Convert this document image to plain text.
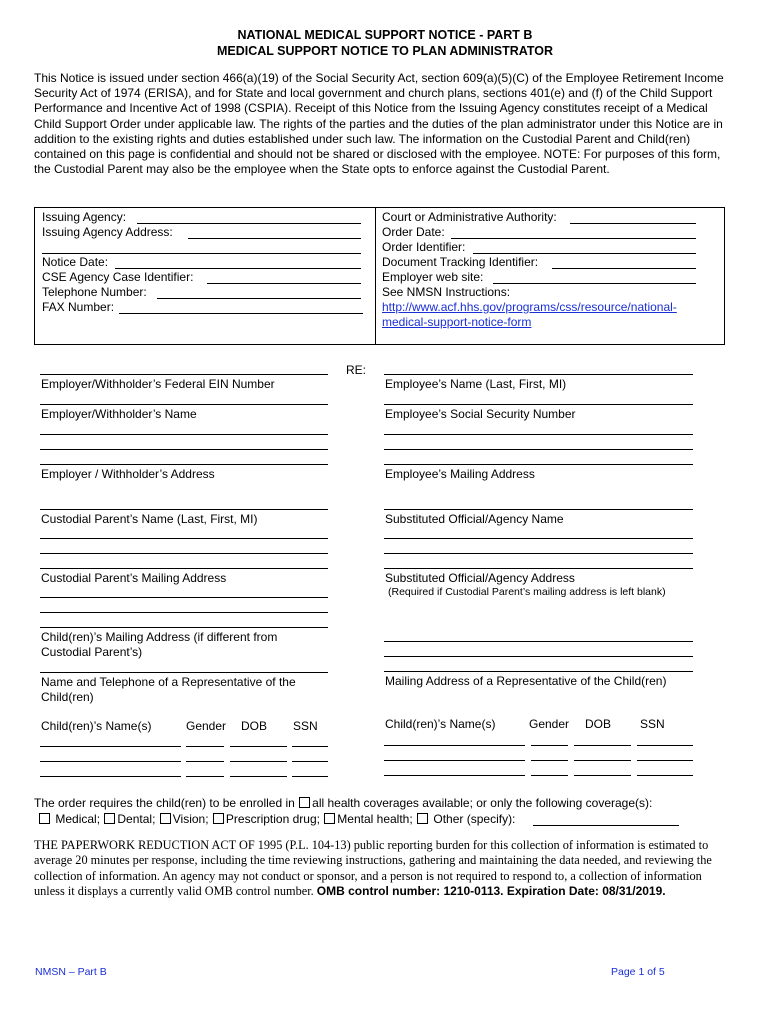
NATIONAL MEDICAL SUPPORT NOTICE - PART B
MEDICAL SUPPORT NOTICE TO PLAN ADMINISTRATOR
This Notice is issued under section 466(a)(19) of the Social Security Act, section 609(a)(5)(C) of the Employee Retirement Income Security Act of 1974 (ERISA), and for State and local government and church plans, sections 401(e) and (f) of the Child Support Performance and Incentive Act of 1998 (CSPIA). Receipt of this Notice from the Issuing Agency constitutes receipt of a Medical Child Support Order under applicable law. The rights of the parties and the duties of the plan administrator under this Notice are in addition to the existing rights and duties established under such law. The information on the Custodial Parent and Child(ren) contained on this page is confidential and should not be shared or disclosed with the employee. NOTE: For purposes of this form, the Custodial Parent may also be the employee when the State opts to enforce against the Custodial Parent.
Issuing Agency:
Issuing Agency Address:
Notice Date:
CSE Agency Case Identifier:
Telephone Number:
FAX Number:
Court or Administrative Authority:
Order Date:
Order Identifier:
Document Tracking Identifier:
Employer web site:
See NMSN Instructions:
http://www.acf.hhs.gov/programs/css/resource/national-
medical-support-notice-form
RE:
Employer/Withholder’s Federal EIN Number
Employer/Withholder’s Name
Employer / Withholder’s Address
Custodial Parent’s Name (Last, First, MI)
Custodial Parent’s Mailing Address
Child(ren)’s Mailing Address (if different from
Custodial Parent’s)
Name and Telephone of a Representative of the
Child(ren)
Employee’s Name (Last, First, MI)
Employee’s Social Security Number
Employee’s Mailing Address
Substituted Official/Agency Name
Substituted Official/Agency Address
(Required if Custodial Parent’s mailing address is left blank)
Mailing Address of a Representative of the Child(ren)
Child(ren)’s Name(s)	Gender DOB SSN	Child(ren)’s Name(s)	Gender DOB SSN
The order requires the child(ren) to be enrolled in all health coverages available; or only the following coverage(s):
Medical; Dental; Vision; Prescription drug; Mental health; Other (specify):
THE PAPERWORK REDUCTION ACT OF 1995 (P.L. 104-13) public reporting burden for this collection of information is estimated to average 20 minutes per response, including the time reviewing instructions, gathering and maintaining the data needed, and reviewing the collection of information. An agency may not conduct or sponsor, and a person is not required to respond to, a collection of information unless it displays a currently valid OMB control number. OMB control number: 1210-0113. Expiration Date: 08/31/2019.
NMSN – Part B	Page 1 of 5
